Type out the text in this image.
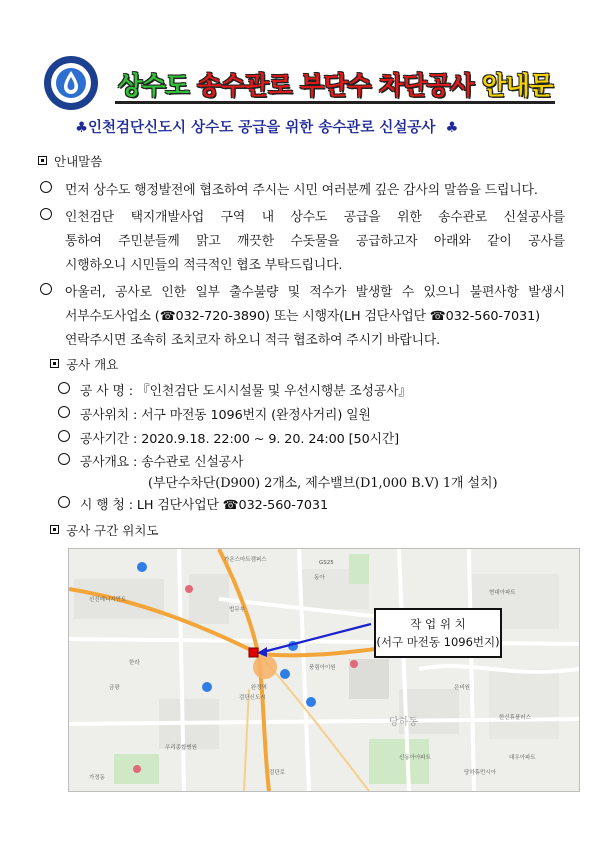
상수도 송수관로 부단수 차단공사 안내문
♣인천검단신도시 상수도 공급을 위한 송수관로 신설공사 ♣
안내말씀
먼저 상수도 행정발전에 협조하여 주시는 시민 여러분께 깊은 감사의 말씀을 드립니다.
인천검단 택지개발사업 구역 내 상수도 공급을 위한 송수관로 신설공사를
통하여 주민분들께 맑고 깨끗한 수돗물을 공급하고자 아래와 같이 공사를
시행하오니 시민들의 적극적인 협조 부탁드립니다.
아울러, 공사로 인한 일부 출수불량 및 적수가 발생할 수 있으니 불편사항 발생시
서부수도사업소 (☎032-720-3890) 또는 시행자(LH 검단사업단 ☎032-560-7031)
연락주시면 조속히 조치코자 하오니 적극 협조하여 주시기 바랍니다.
공사 개요
공 사 명 : 『인천검단 도시시설물 및 우선시행분 조성공사』
공사위치 : 서구 마전동 1096번지 (완정사거리) 일원
공사기간 : 2020.9.18. 22:00 ~ 9. 20. 24:00 [50시간]
공사개요 : 송수관로 신설공사
(부단수차단(D900) 2개소, 제수밸브(D1,000 B.V) 1개 설치)
시 행 청 : LH 검단사업단 ☎032-560-7031
공사 구간 위치도
가온스마트캠퍼스
선진매니지먼트
법무부
우리종합병원
완정역
풍림아이원
검단신도시
금광
한라
동아
현대아파트
가정동
은비원
검단로
한신휴플러스
GS25
대우아파트
신동아아파트
당하휴먼시아
당하동
작 업 위 치
(서구 마전동 1096번지)
